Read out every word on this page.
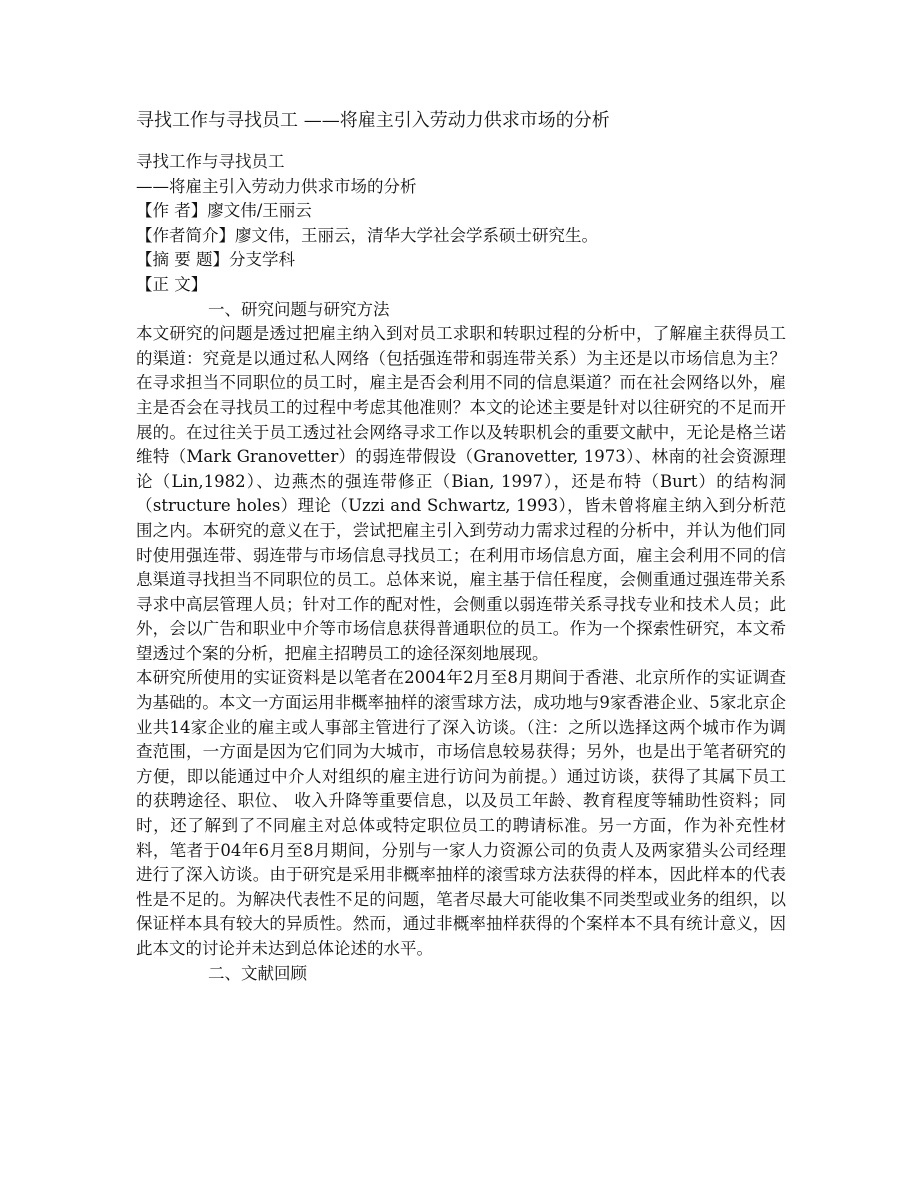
寻找工作与寻找员工 ——将雇主引入劳动力供求市场的分析
寻找工作与寻找员工
——将雇主引入劳动力供求市场的分析
【作 者】廖文伟/王丽云
【作者简介】廖文伟，王丽云，清华大学社会学系硕士研究生。
【摘 要 题】分支学科
【正 文】
一、研究问题与研究方法
本文研究的问题是透过把雇主纳入到对员工求职和转职过程的分析中，了解雇主获得员工的渠道：究竟是以通过私人网络（包括强连带和弱连带关系）为主还是以市场信息为主？在寻求担当不同职位的员工时，雇主是否会利用不同的信息渠道？而在社会网络以外，雇主是否会在寻找员工的过程中考虑其他准则？本文的论述主要是针对以往研究的不足而开展的。在过往关于员工透过社会网络寻求工作以及转职机会的重要文献中，无论是格兰诺维特（Mark Granovetter）的弱连带假设（Granovetter, 1973）、林南的社会资源理论（Lin,1982）、边燕杰的强连带修正（Bian, 1997），还是布特（Burt）的结构洞（structure holes）理论（Uzzi and Schwartz, 1993），皆未曾将雇主纳入到分析范围之内。本研究的意义在于，尝试把雇主引入到劳动力需求过程的分析中，并认为他们同时使用强连带、弱连带与市场信息寻找员工；在利用市场信息方面，雇主会利用不同的信息渠道寻找担当不同职位的员工。总体来说，雇主基于信任程度，会侧重通过强连带关系寻求中高层管理人员；针对工作的配对性，会侧重以弱连带关系寻找专业和技术人员；此外，会以广告和职业中介等市场信息获得普通职位的员工。作为一个探索性研究，本文希望透过个案的分析，把雇主招聘员工的途径深刻地展现。
本研究所使用的实证资料是以笔者在2004年2月至8月期间于香港、北京所作的实证调查为基础的。本文一方面运用非概率抽样的滚雪球方法，成功地与9家香港企业、5家北京企业共14家企业的雇主或人事部主管进行了深入访谈。（注：之所以选择这两个城市作为调查范围，一方面是因为它们同为大城市，市场信息较易获得；另外，也是出于笔者研究的方便，即以能通过中介人对组织的雇主进行访问为前提。）通过访谈，获得了其属下员工的获聘途径、职位、 收入升降等重要信息，以及员工年龄、教育程度等辅助性资料；同时，还了解到了不同雇主对总体或特定职位员工的聘请标准。另一方面，作为补充性材料，笔者于04年6月至8月期间，分别与一家人力资源公司的负责人及两家猎头公司经理进行了深入访谈。由于研究是采用非概率抽样的滚雪球方法获得的样本，因此样本的代表性是不足的。为解决代表性不足的问题，笔者尽最大可能收集不同类型或业务的组织，以保证样本具有较大的异质性。然而，通过非概率抽样获得的个案样本不具有统计意义，因此本文的讨论并未达到总体论述的水平。
二、文献回顾
